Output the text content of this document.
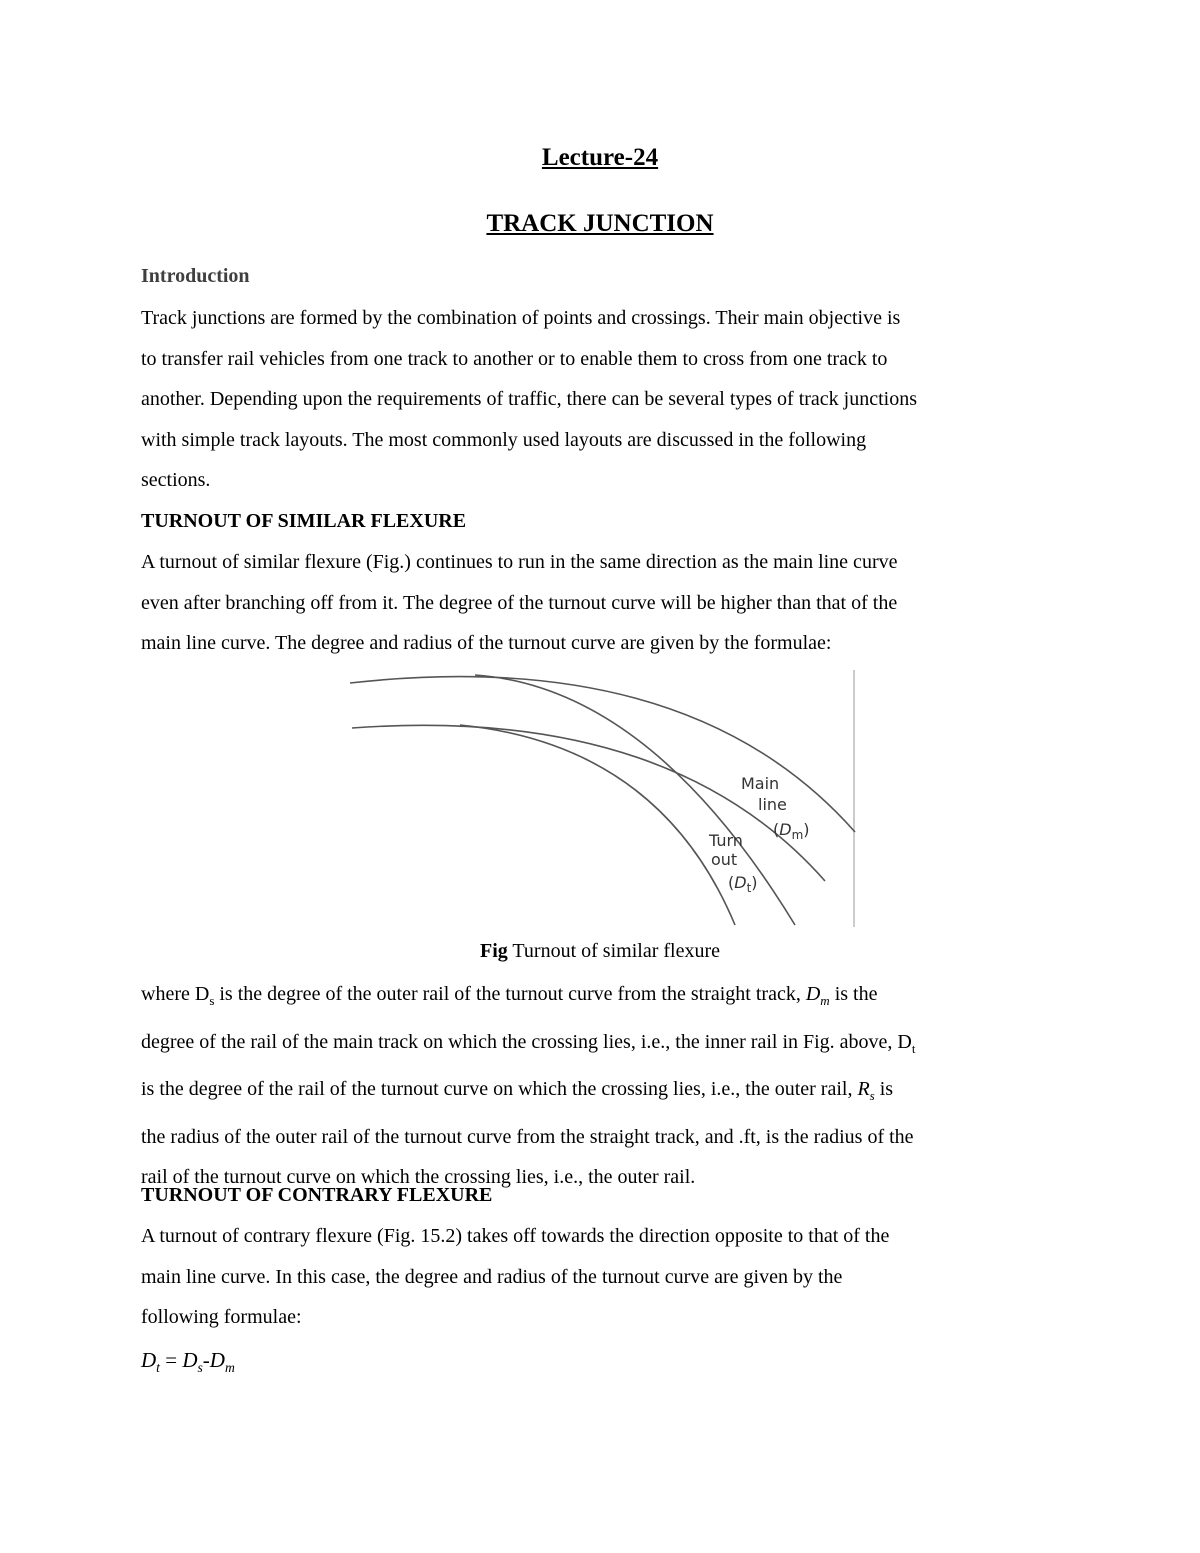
Lecture-24
TRACK JUNCTION
Introduction
Track junctions are formed by the combination of points and crossings. Their main objective is
to transfer rail vehicles from one track to another or to enable them to cross from one track to
another. Depending upon the requirements of traffic, there can be several types of track junctions
with simple track layouts. The most commonly used layouts are discussed in the following
sections.
TURNOUT OF SIMILAR FLEXURE
A turnout of similar flexure (Fig.) continues to run in the same direction as the main line curve
even after branching off from it. The degree of the turnout curve will be higher than that of the
main line curve. The degree and radius of the turnout curve are given by the formulae:
Main
line
$(D_m)$
Turn
out
$(D_t)$
Fig Turnout of similar flexure
where $D_s$ is the degree of the outer rail of the turnout curve from the straight track, $D_m$ is the
degree of the rail of the main track on which the crossing lies, i.e., the inner rail in Fig. above, $D_t$
is the degree of the rail of the turnout curve on which the crossing lies, i.e., the outer rail, $R_s$ is
the radius of the outer rail of the turnout curve from the straight track, and .ft, is the radius of the
rail of the turnout curve on which the crossing lies, i.e., the outer rail.
TURNOUT OF CONTRARY FLEXURE
A turnout of contrary flexure (Fig. 15.2) takes off towards the direction opposite to that of the
main line curve. In this case, the degree and radius of the turnout curve are given by the
following formulae:
$D_t = D_s-D_m$
